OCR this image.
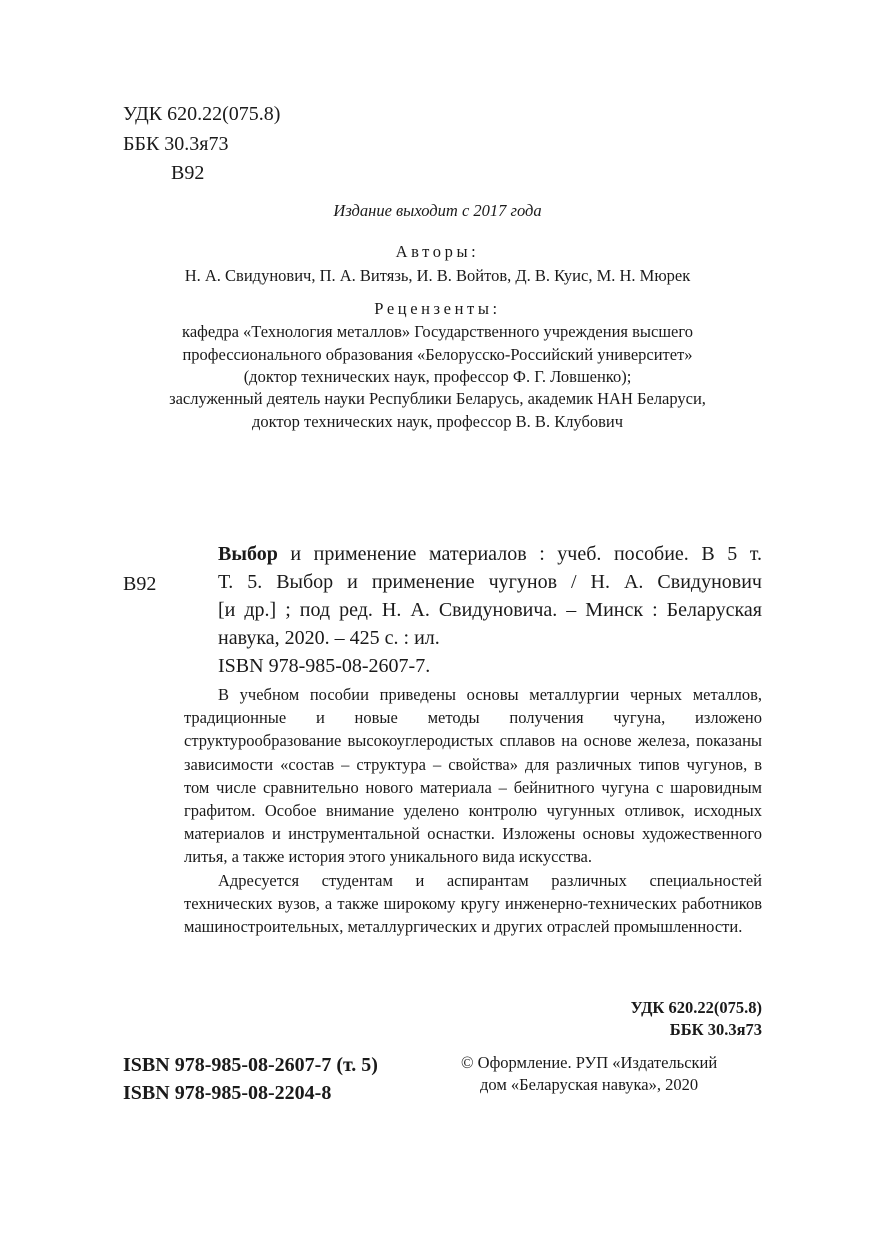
УДК 620.22(075.8)
ББК 30.3я73
В92
Издание выходит с 2017 года
Авторы:
Н. А. Свидунович, П. А. Витязь, И. В. Войтов, Д. В. Куис, М. Н. Мюрек
Рецензенты:
кафедра «Технология металлов» Государственного учреждения высшего
профессионального образования «Белорусско-Российский университет»
(доктор технических наук, профессор Ф. Г. Ловшенко);
заслуженный деятель науки Республики Беларусь, академик НАН Беларуси,
доктор технических наук, профессор В. В. Клубович
В92
Выбор и применение материалов : учеб. пособие. В 5 т.
Т. 5. Выбор и применение чугунов / Н. А. Свидунович
[и др.] ; под ред. Н. А. Свидуновича. – Минск : Беларуская
навука, 2020. – 425 с. : ил.
ISBN 978-985-08-2607-7.

В учебном пособии приведены основы металлургии черных металлов, традиционные и новые методы получения чугуна, изложено структурообразование высокоуглеродистых сплавов на основе железа, показаны зависимости «состав – структура – свойства» для различных типов чугунов, в том числе сравнительно нового материала – бейнитного чугуна с шаровидным графитом. Особое внимание уделено контролю чугунных отливок, исходных материалов и инструментальной оснастки. Изложены основы художественного литья, а также история этого уникального вида искусства.

Адресуется студентам и аспирантам различных специальностей технических вузов, а также широкому кругу инженерно-технических работников машиностроительных, металлургических и других отраслей промышленности.

УДК 620.22(075.8)
ББК 30.3я73
ISBN 978-985-08-2607-7 (т. 5)
ISBN 978-985-08-2204-8
© Оформление. РУП «Издательский
дом «Беларуская навука», 2020
